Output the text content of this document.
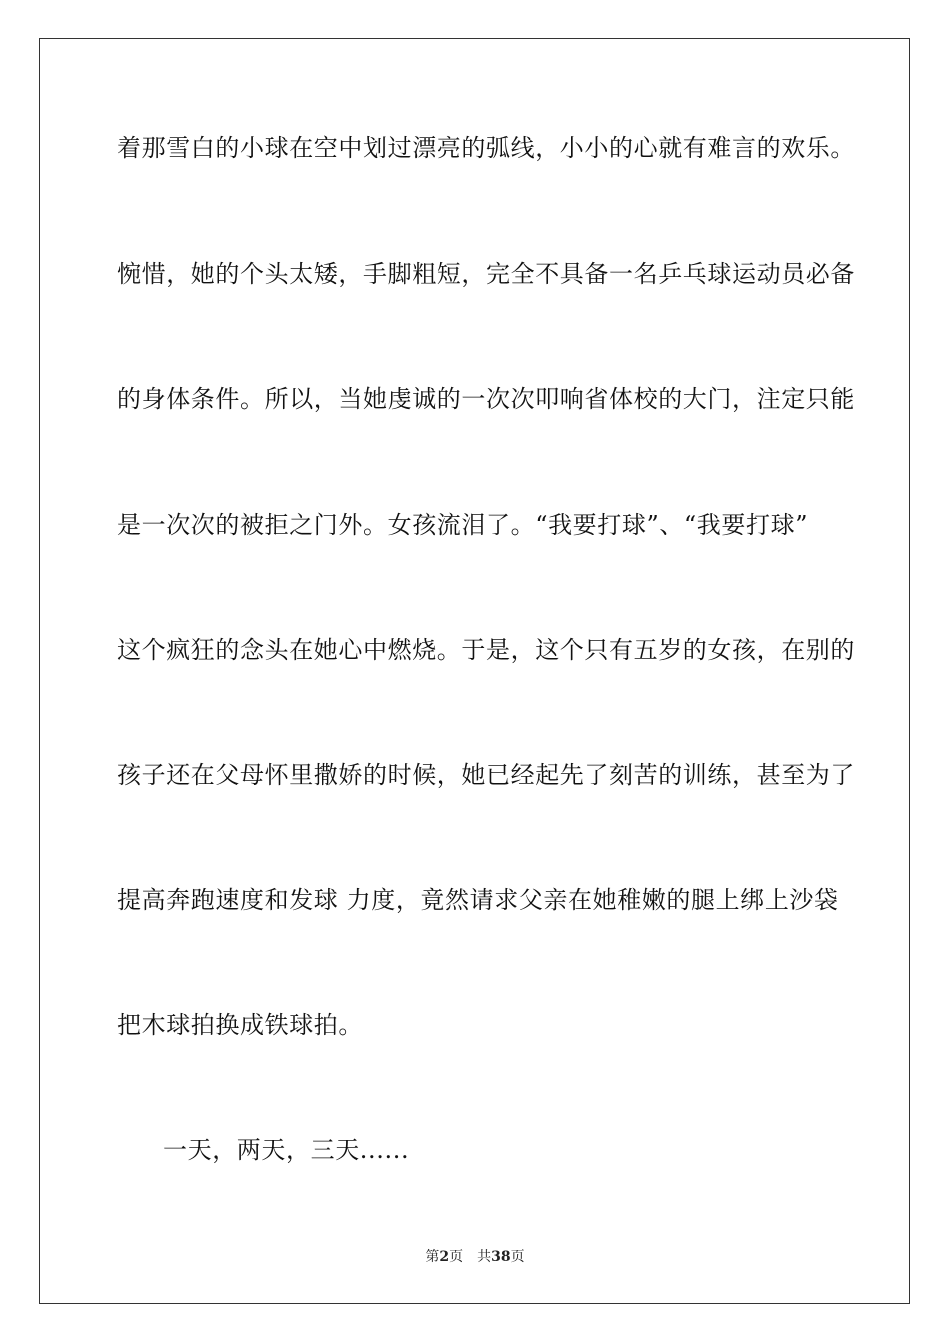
着那雪白的小球在空中划过漂亮的弧线，小小的心就有难言的欢乐。
惋惜，她的个头太矮，手脚粗短，完全不具备一名乒乓球运动员必备
的身体条件。所以，当她虔诚的一次次叩响省体校的大门，注定只能
是一次次的被拒之门外。女孩流泪了。“我要打球”、“我要打球”
这个疯狂的念头在她心中燃烧。于是，这个只有五岁的女孩，在别的
孩子还在父母怀里撒娇的时候，她已经起先了刻苦的训练，甚至为了
提高奔跑速度和发球 力度，竟然请求父亲在她稚嫩的腿上绑上沙袋
把木球拍换成铁球拍。
一天，两天，三天......
第2页 共38页
